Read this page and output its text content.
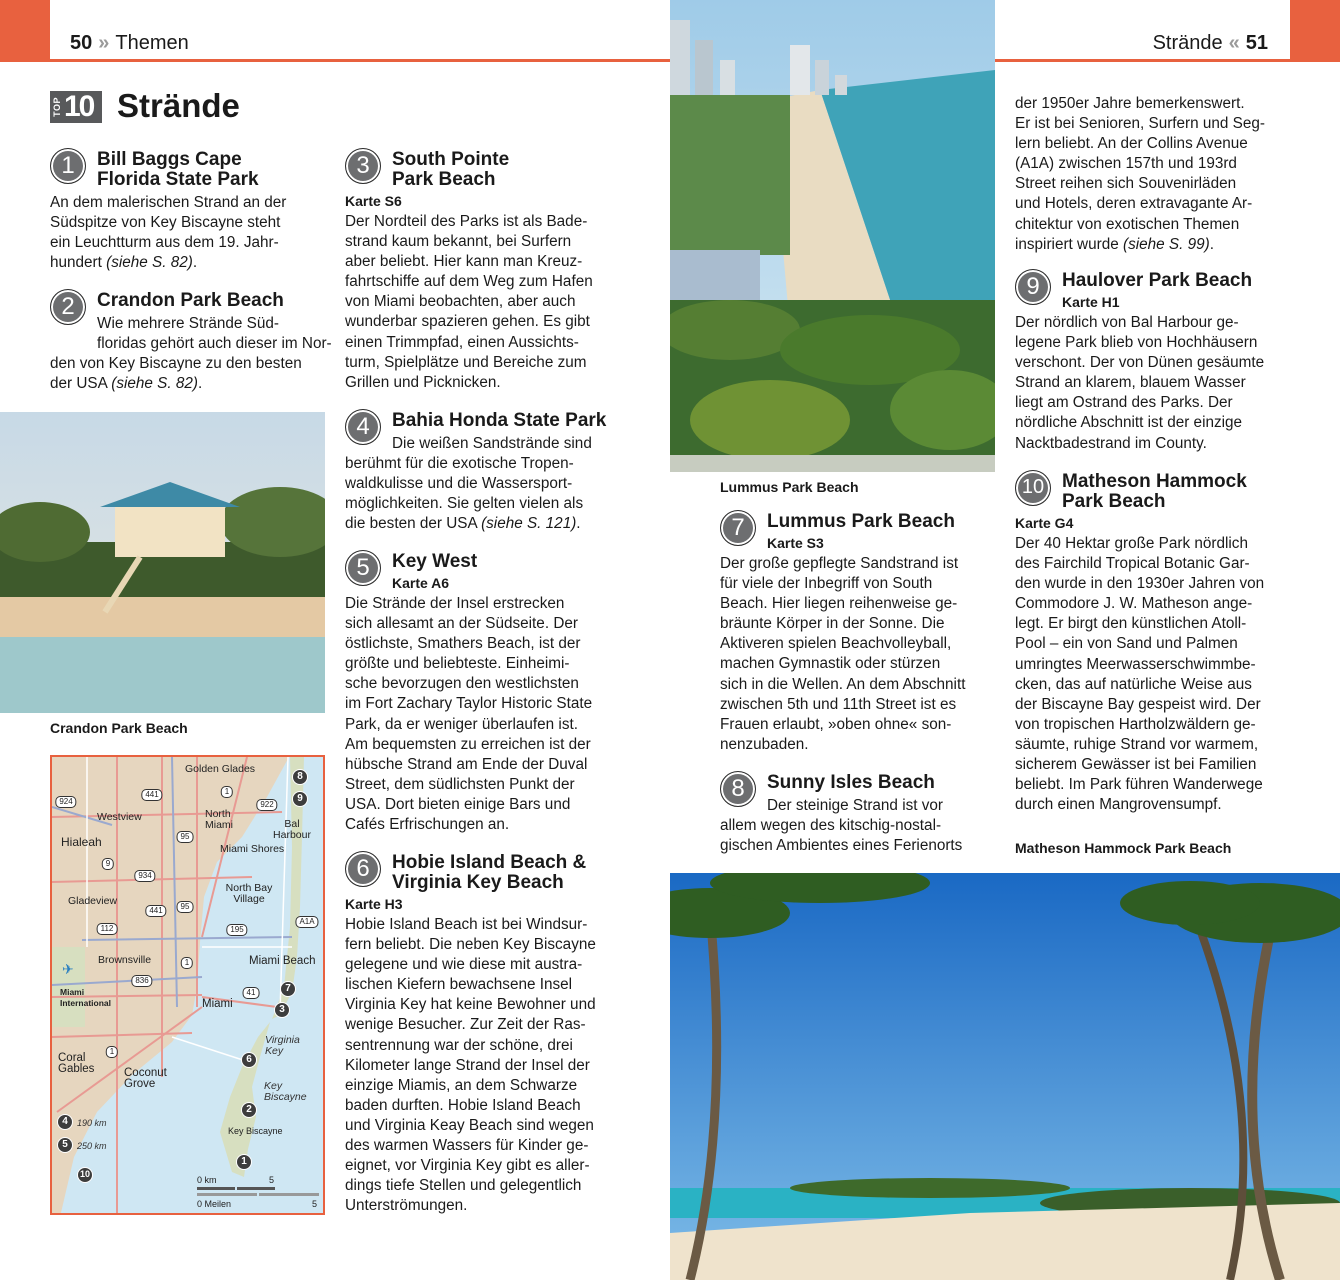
50 » Themen	Strände « 51
TOP 10 Strände
Lummus Park Beach
Crandon Park Beach
Matheson Hammock Park Beach
Golden Glades
Westview	North Miami	Bal Harbour
Hialeah	Miami Shores
North Bay Village
Gladeview
Brownsville
Miami International
Miami Beach
Miami
Virginia Key
Coral Gables	Coconut Grove	Key Biscayne
Key Biscayne
190 km
250 km
✈
924
441	1
922
95
9
934
441	95
112	195
A1A
1
836
41
1
8
9
7
3
6
2
1
4
5
10
0 km	5
0 Meilen	5
1	Bill Baggs Cape
Florida State Park
An dem malerischen Strand an der
Südspitze von Key Biscayne steht
ein Leuchtturm aus dem 19. Jahr-
hundert (siehe S. 82).
2	Crandon Park Beach
Wie mehrere Strände Süd-
floridas gehört auch dieser im Nor-
den von Key Biscayne zu den besten
der USA (siehe S. 82).
3	South Pointe
Park Beach
Karte S6
Der Nordteil des Parks ist als Bade-
strand kaum bekannt, bei Surfern
aber beliebt. Hier kann man Kreuz-
fahrtschiffe auf dem Weg zum Hafen
von Miami beobachten, aber auch
wunderbar spazieren gehen. Es gibt
einen Trimmpfad, einen Aussichts-
turm, Spielplätze und Bereiche zum
Grillen und Picknicken.
4	Bahia Honda State Park
Die weißen Sandstrände sind
berühmt für die exotische Tropen-
waldkulisse und die Wassersport-
möglichkeiten. Sie gelten vielen als
die besten der USA (siehe S. 121).
5	Key West
Karte A6
Die Strände der Insel erstrecken
sich allesamt an der Südseite. Der
östlichste, Smathers Beach, ist der
größte und beliebteste. Einheimi-
sche bevorzugen den westlichsten
im Fort Zachary Taylor Historic State
Park, da er weniger überlaufen ist.
Am bequemsten zu erreichen ist der
hübsche Strand am Ende der Duval
Street, dem südlichsten Punkt der
USA. Dort bieten einige Bars und
Cafés Erfrischungen an.
6	Hobie Island Beach &
Virginia Key Beach
Karte H3
Hobie Island Beach ist bei Windsur-
fern beliebt. Die neben Key Biscayne
gelegene und wie diese mit austra-
lischen Kiefern bewachsene Insel
Virginia Key hat keine Bewohner und
wenige Besucher. Zur Zeit der Ras-
sentrennung war der schöne, drei
Kilometer lange Strand der Insel der
einzige Miamis, an dem Schwarze
baden durften. Hobie Island Beach
und Virginia Keay Beach sind wegen
des warmen Wassers für Kinder ge-
eignet, vor Virginia Key gibt es aller-
dings tiefe Stellen und gelegentlich
Unterströmungen.
7	Lummus Park Beach
Karte S3
Der große gepflegte Sandstrand ist
für viele der Inbegriff von South
Beach. Hier liegen reihenweise ge-
bräunte Körper in der Sonne. Die
Aktiveren spielen Beachvolleyball,
machen Gymnastik oder stürzen
sich in die Wellen. An dem Abschnitt
zwischen 5th und 11th Street ist es
Frauen erlaubt, »oben ohne« son-
nenzubaden.
8	Sunny Isles Beach
Der steinige Strand ist vor
allem wegen des kitschig-nostal-
gischen Ambientes eines Ferienorts
der 1950er Jahre bemerkenswert.
Er ist bei Senioren, Surfern und Seg-
lern beliebt. An der Collins Avenue
(A1A) zwischen 157th und 193rd
Street reihen sich Souvenirläden
und Hotels, deren extravagante Ar-
chitektur von exotischen Themen
inspiriert wurde (siehe S. 99).
9	Haulover Park Beach
Karte H1
Der nördlich von Bal Harbour ge-
legene Park blieb von Hochhäusern
verschont. Der von Dünen gesäumte
Strand an klarem, blauem Wasser
liegt am Ostrand des Parks. Der
nördliche Abschnitt ist der einzige
Nacktbadestrand im County.
10 Matheson Hammock
Park Beach
Karte G4
Der 40 Hektar große Park nördlich
des Fairchild Tropical Botanic Gar-
den wurde in den 1930er Jahren von
Commodore J. W. Matheson ange-
legt. Er birgt den künstlichen Atoll-
Pool – ein von Sand und Palmen
umringtes Meerwasserschwimmbe-
cken, das auf natürliche Weise aus
der Biscayne Bay gespeist wird. Der
von tropischen Hartholzwäldern ge-
säumte, ruhige Strand vor warmem,
sicherem Gewässer ist bei Familien
beliebt. Im Park führen Wanderwege
durch einen Mangrovensumpf.
